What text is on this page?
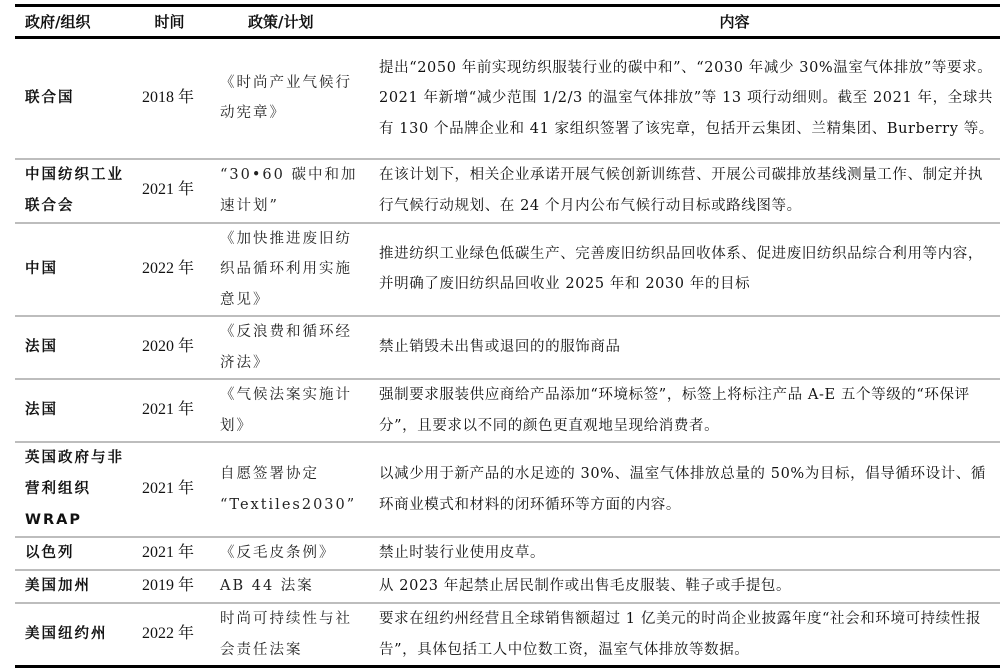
政府/组织	时间	政策/计划	内容
联合国	2018 年	《时尚产业气候行动宪章》	提出“2050 年前实现纺织服装行业的碳中和”、“2030 年减少 30%温室气体排放”等要求。2021 年新增“减少范围 1/2/3 的温室气体排放”等 13 项行动细则。截至 2021 年，全球共有 130 个品牌企业和 41 家组织签署了该宪章，包括开云集团、兰精集团、Burberry 等。
中国纺织工业联合会	2021 年	“30•60 碳中和加速计划”	在该计划下，相关企业承诺开展气候创新训练营、开展公司碳排放基线测量工作、制定并执行气候行动规划、在 24 个月内公布气候行动目标或路线图等。
中国	2022 年	《加快推进废旧纺织品循环利用实施意见》	推进纺织工业绿色低碳生产、完善废旧纺织品回收体系、促进废旧纺织品综合利用等内容，并明确了废旧纺织品回收业 2025 年和 2030 年的目标
法国	2020 年	《反浪费和循环经济法》	禁止销毁未出售或退回的的服饰商品
法国	2021 年	《气候法案实施计划》	强制要求服装供应商给产品添加“环境标签”，标签上将标注产品 A-E 五个等级的“环保评分”，且要求以不同的颜色更直观地呈现给消费者。
英国政府与非营利组织 WRAP	2021 年	自愿签署协定 “Textiles2030”	以减少用于新产品的水足迹的 30%、温室气体排放总量的 50%为目标，倡导循环设计、循环商业模式和材料的闭环循环等方面的内容。
以色列	2021 年	《反毛皮条例》	禁止时装行业使用皮草。
美国加州	2019 年	AB 44 法案	从 2023 年起禁止居民制作或出售毛皮服装、鞋子或手提包。
美国纽约州	2022 年	时尚可持续性与社会责任法案	要求在纽约州经营且全球销售额超过 1 亿美元的时尚企业披露年度“社会和环境可持续性报告”，具体包括工人中位数工资，温室气体排放等数据。
